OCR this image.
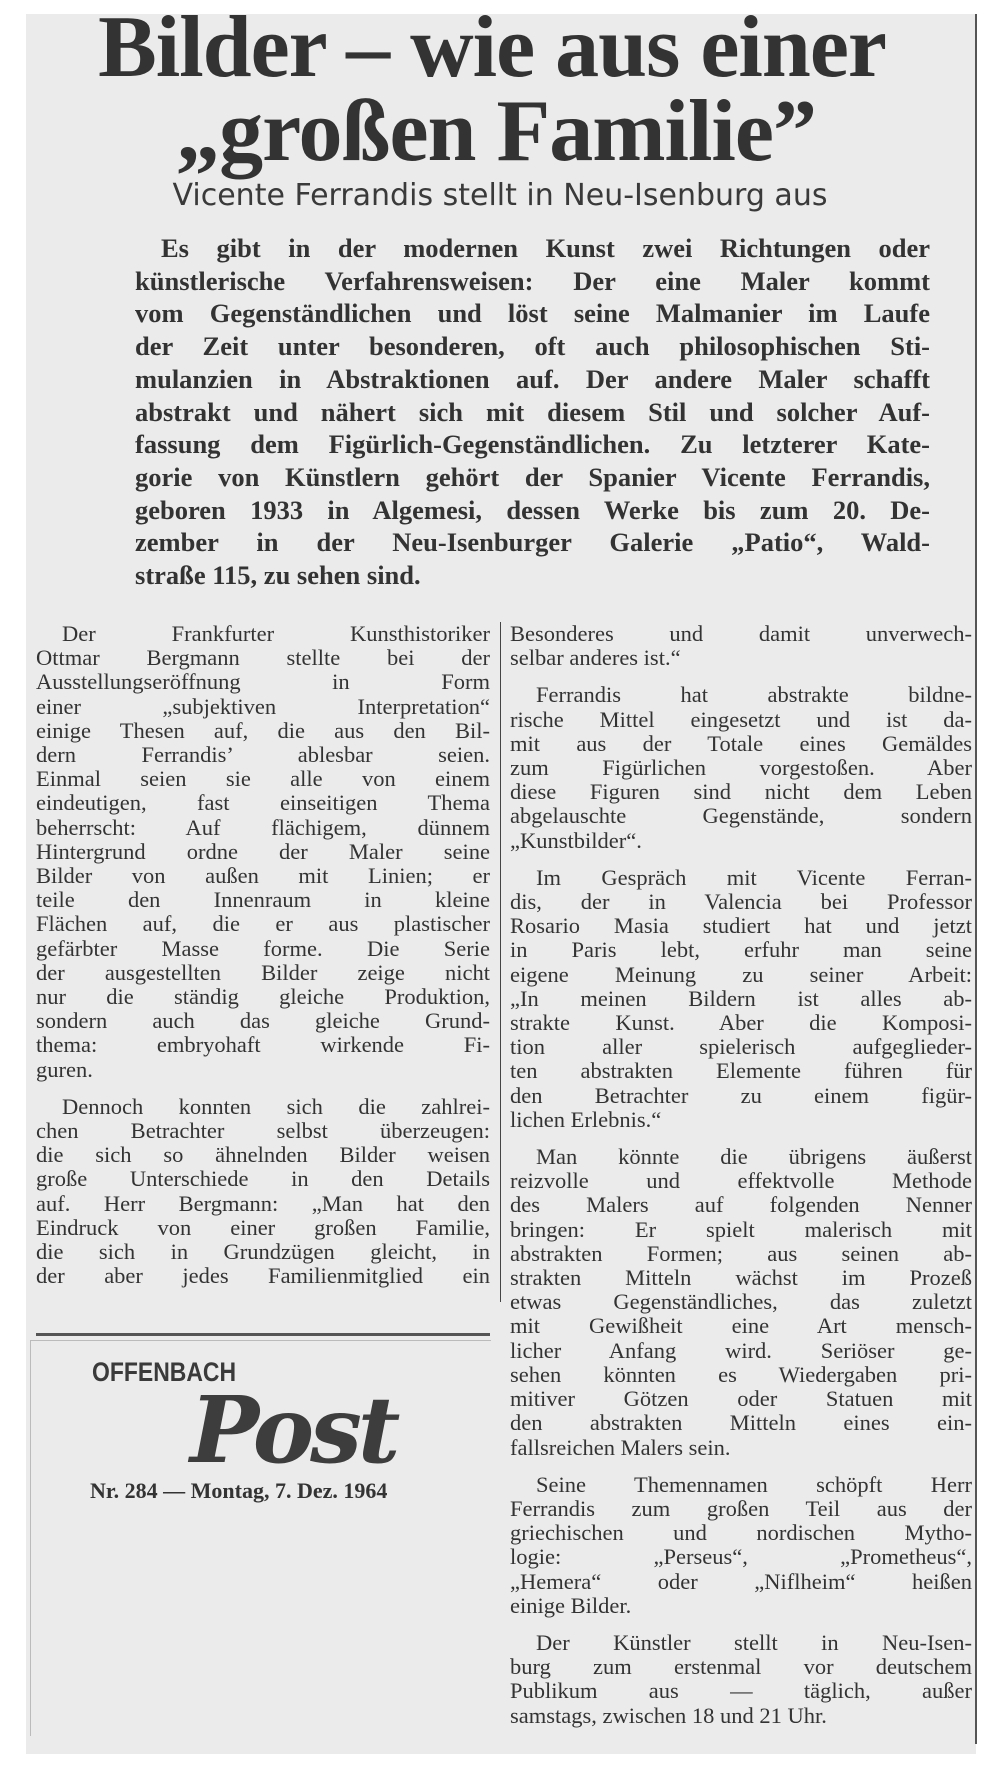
Bilder – wie aus einer
„großen Familie”
Vicente Ferrandis stellt in Neu-Isenburg aus
Es gibt in der modernen Kunst zwei Richtungen oder
künstlerische Verfahrensweisen: Der eine Maler kommt
vom Gegenständlichen und löst seine Malmanier im Laufe
der Zeit unter besonderen, oft auch philosophischen Sti-
mulanzien in Abstraktionen auf. Der andere Maler schafft
abstrakt und nähert sich mit diesem Stil und solcher Auf-
fassung dem Figürlich-Gegenständlichen. Zu letzterer Kate-
gorie von Künstlern gehört der Spanier Vicente Ferrandis,
geboren 1933 in Algemesi, dessen Werke bis zum 20. De-
zember in der Neu-Isenburger Galerie „Patio“, Wald-
straße 115, zu sehen sind.
Der Frankfurter Kunsthistoriker
Ottmar Bergmann stellte bei der
Ausstellungseröffnung in Form
einer „subjektiven Interpretation“
einige Thesen auf, die aus den Bil-
dern Ferrandis’ ablesbar seien.
Einmal seien sie alle von einem
eindeutigen, fast einseitigen Thema
beherrscht: Auf flächigem, dünnem
Hintergrund ordne der Maler seine
Bilder von außen mit Linien; er
teile den Innenraum in kleine
Flächen auf, die er aus plastischer
gefärbter Masse forme. Die Serie
der ausgestellten Bilder zeige nicht
nur die ständig gleiche Produktion,
sondern auch das gleiche Grund-
thema: embryohaft wirkende Fi-
guren.
Dennoch konnten sich die zahlrei-
chen Betrachter selbst überzeugen:
die sich so ähnelnden Bilder weisen
große Unterschiede in den Details
auf. Herr Bergmann: „Man hat den
Eindruck von einer großen Familie,
die sich in Grundzügen gleicht, in
der aber jedes Familienmitglied ein
Besonderes und damit unverwech-
selbar anderes ist.“
Ferrandis hat abstrakte bildne-
rische Mittel eingesetzt und ist da-
mit aus der Totale eines Gemäldes
zum Figürlichen vorgestoßen. Aber
diese Figuren sind nicht dem Leben
abgelauschte Gegenstände, sondern
„Kunstbilder“.
Im Gespräch mit Vicente Ferran-
dis, der in Valencia bei Professor
Rosario Masia studiert hat und jetzt
in Paris lebt, erfuhr man seine
eigene Meinung zu seiner Arbeit:
„In meinen Bildern ist alles ab-
strakte Kunst. Aber die Komposi-
tion aller spielerisch aufgeglieder-
ten abstrakten Elemente führen für
den Betrachter zu einem figür-
lichen Erlebnis.“
Man könnte die übrigens äußerst
reizvolle und effektvolle Methode
des Malers auf folgenden Nenner
bringen: Er spielt malerisch mit
abstrakten Formen; aus seinen ab-
strakten Mitteln wächst im Prozeß
etwas Gegenständliches, das zuletzt
mit Gewißheit eine Art mensch-
licher Anfang wird. Seriöser ge-
sehen könnten es Wiedergaben pri-
mitiver Götzen oder Statuen mit
den abstrakten Mitteln eines ein-
fallsreichen Malers sein.
Seine Themennamen schöpft Herr
Ferrandis zum großen Teil aus der
griechischen und nordischen Mytho-
logie: „Perseus“, „Prometheus“,
„Hemera“ oder „Niflheim“ heißen
einige Bilder.
Der Künstler stellt in Neu-Isen-
burg zum erstenmal vor deutschem
Publikum aus — täglich, außer
samstags, zwischen 18 und 21 Uhr.
OFFENBACH
Post
Nr. 284 — Montag, 7. Dez. 1964
